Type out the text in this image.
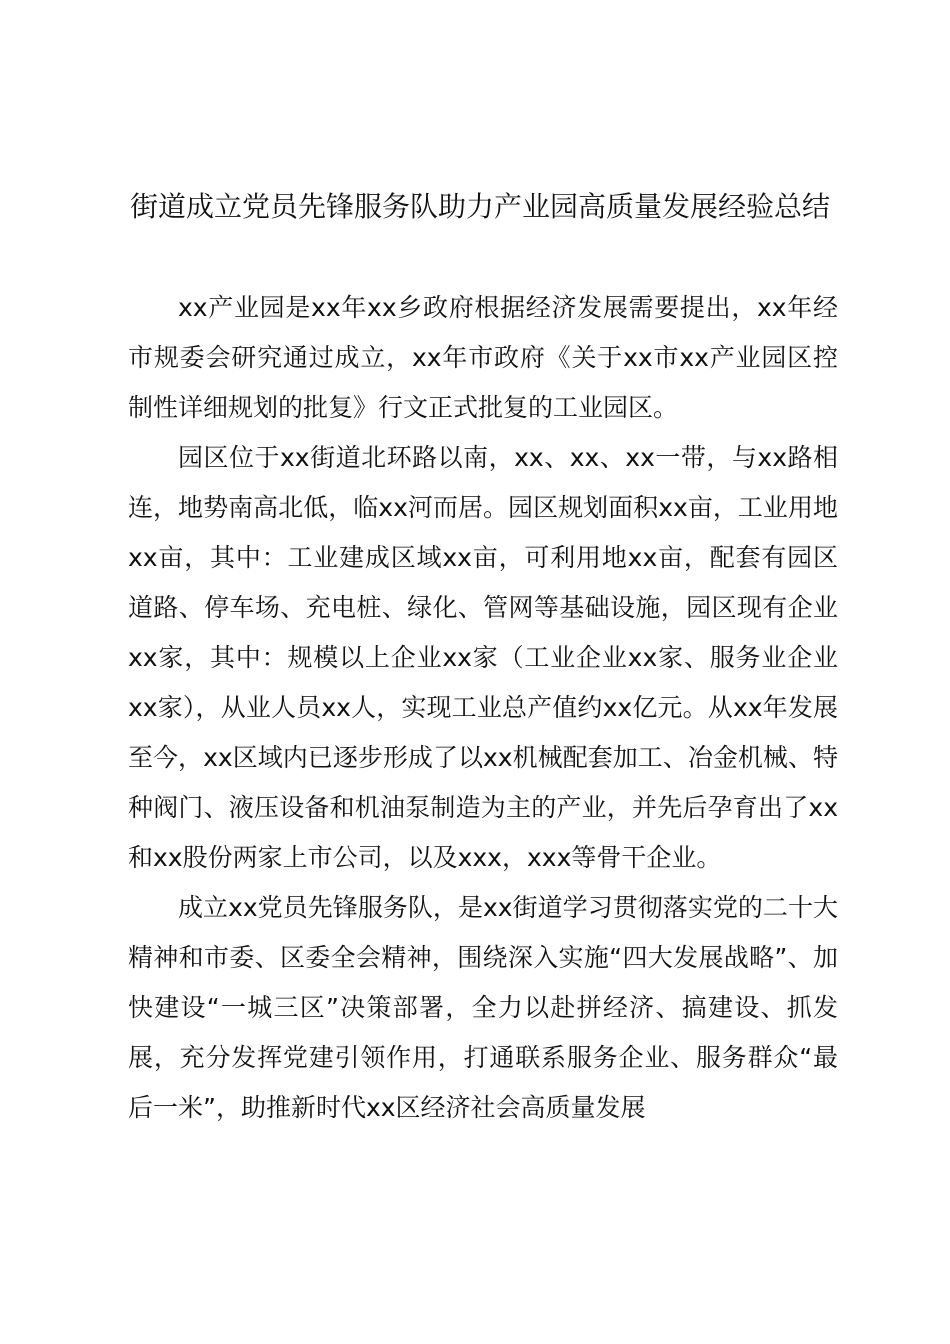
街道成立党员先锋服务队助力产业园高质量发展经验总结

xx产业园是xx年xx乡政府根据经济发展需要提出，xx年经市规委会研究通过成立，xx年市政府《关于xx市xx产业园区控制性详细规划的批复》行文正式批复的工业园区。

园区位于xx街道北环路以南，xx、xx、xx一带，与xx路相连，地势南高北低，临xx河而居。园区规划面积xx亩，工业用地xx亩，其中：工业建成区域xx亩，可利用地xx亩，配套有园区道路、停车场、充电桩、绿化、管网等基础设施，园区现有企业xx家，其中：规模以上企业xx家（工业企业xx家、服务业企业xx家），从业人员xx人，实现工业总产值约xx亿元。从xx年发展至今，xx区域内已逐步形成了以xx机械配套加工、冶金机械、特种阀门、液压设备和机油泵制造为主的产业，并先后孕育出了xx和xx股份两家上市公司，以及xxx，xxx等骨干企业。

成立xx党员先锋服务队，是xx街道学习贯彻落实党的二十大精神和市委、区委全会精神，围绕深入实施“四大发展战略”、加快建设“一城三区”决策部署，全力以赴拼经济、搞建设、抓发展，充分发挥党建引领作用，打通联系服务企业、服务群众“最后一米”，助推新时代xx区经济社会高质量发展
